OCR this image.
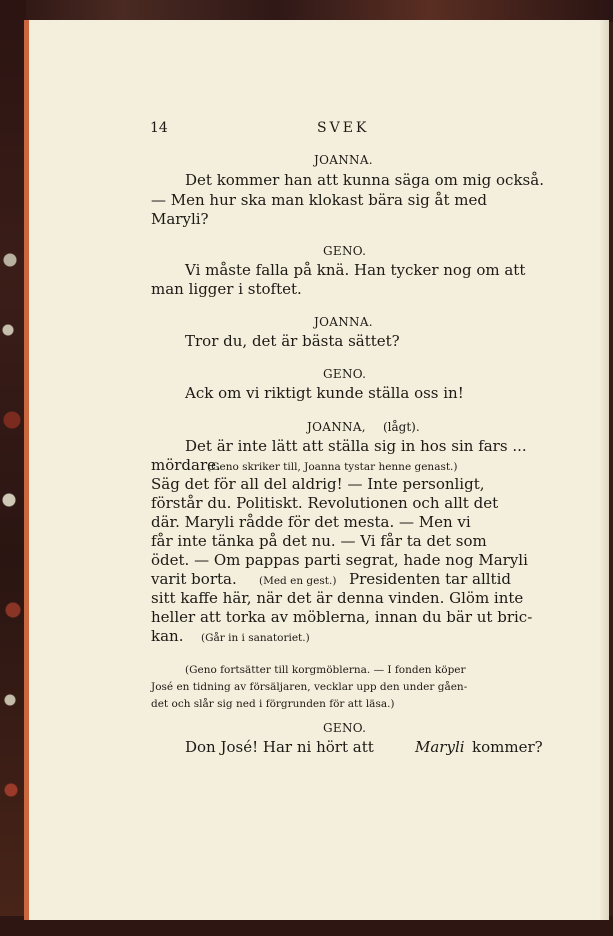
14	SVEK
JOANNA.
Det kommer han att kunna säga om mig också.
— Men hur ska man klokast bära sig åt med
Maryli?
GENO.
Vi måste falla på knä. Han tycker nog om att
man ligger i stoftet.
JOANNA.
Tror du, det är bästa sättet?
GENO.
Ack om vi riktigt kunde ställa oss in!
JOANNA, (lågt).
Det är inte lätt att ställa sig in hos sin fars ...
mördare.
(Geno skriker till, Joanna tystar henne genast.)
Säg det för all del aldrig! — Inte personligt,
förstår du. Politiskt. Revolutionen och allt det
där. Maryli rådde för det mesta. — Men vi
får inte tänka på det nu. — Vi får ta det som
ödet. — Om pappas parti segrat, hade nog Maryli
varit borta. (Med en gest.) Presidenten tar alltid
sitt kaffe här, när det är denna vinden. Glöm inte
heller att torka av möblerna, innan du bär ut bric-
kan. (Går in i sanatoriet.)
(Geno fortsätter till korgmöblerna. — I fonden köper
José en tidning av försäljaren, vecklar upp den under gåen-
det och slår sig ned i förgrunden för att läsa.)
GENO.
Don José! Har ni hört att	Maryli kommer?
